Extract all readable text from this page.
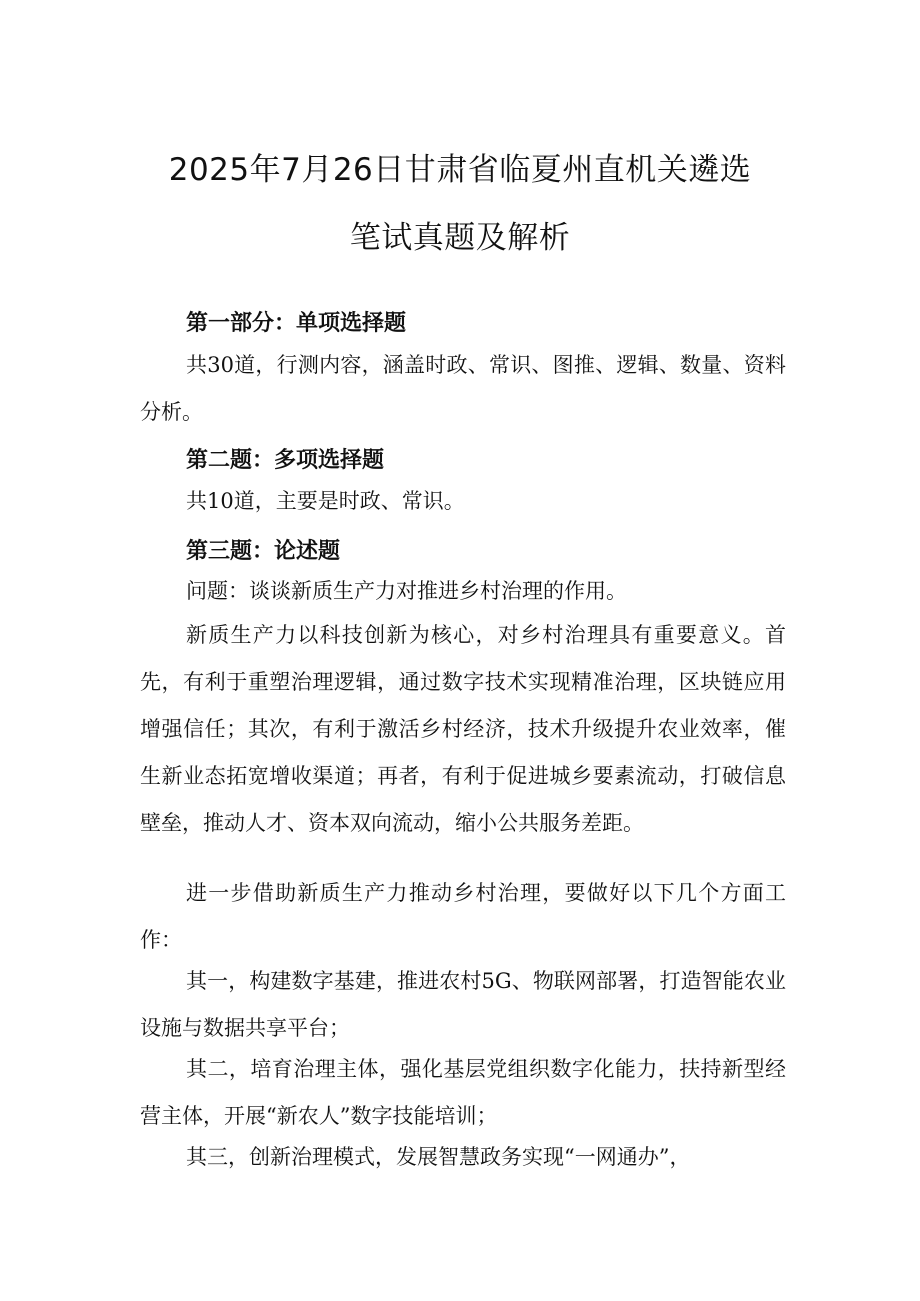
2025年7月26日甘肃省临夏州直机关遴选
笔试真题及解析
第一部分：单项选择题
共30道，行测内容，涵盖时政、常识、图推、逻辑、数量、资料分析。
第二题：多项选择题
共10道，主要是时政、常识。
第三题：论述题
问题：谈谈新质生产力对推进乡村治理的作用。
新质生产力以科技创新为核心，对乡村治理具有重要意义。首先，有利于重塑治理逻辑，通过数字技术实现精准治理，区块链应用增强信任；其次，有利于激活乡村经济，技术升级提升农业效率，催生新业态拓宽增收渠道；再者，有利于促进城乡要素流动，打破信息壁垒，推动人才、资本双向流动，缩小公共服务差距。
进一步借助新质生产力推动乡村治理，要做好以下几个方面工作：
其一，构建数字基建，推进农村5G、物联网部署，打造智能农业设施与数据共享平台；
其二，培育治理主体，强化基层党组织数字化能力，扶持新型经营主体，开展“新农人”数字技能培训；
其三，创新治理模式，发展智慧政务实现“一网通办”，
